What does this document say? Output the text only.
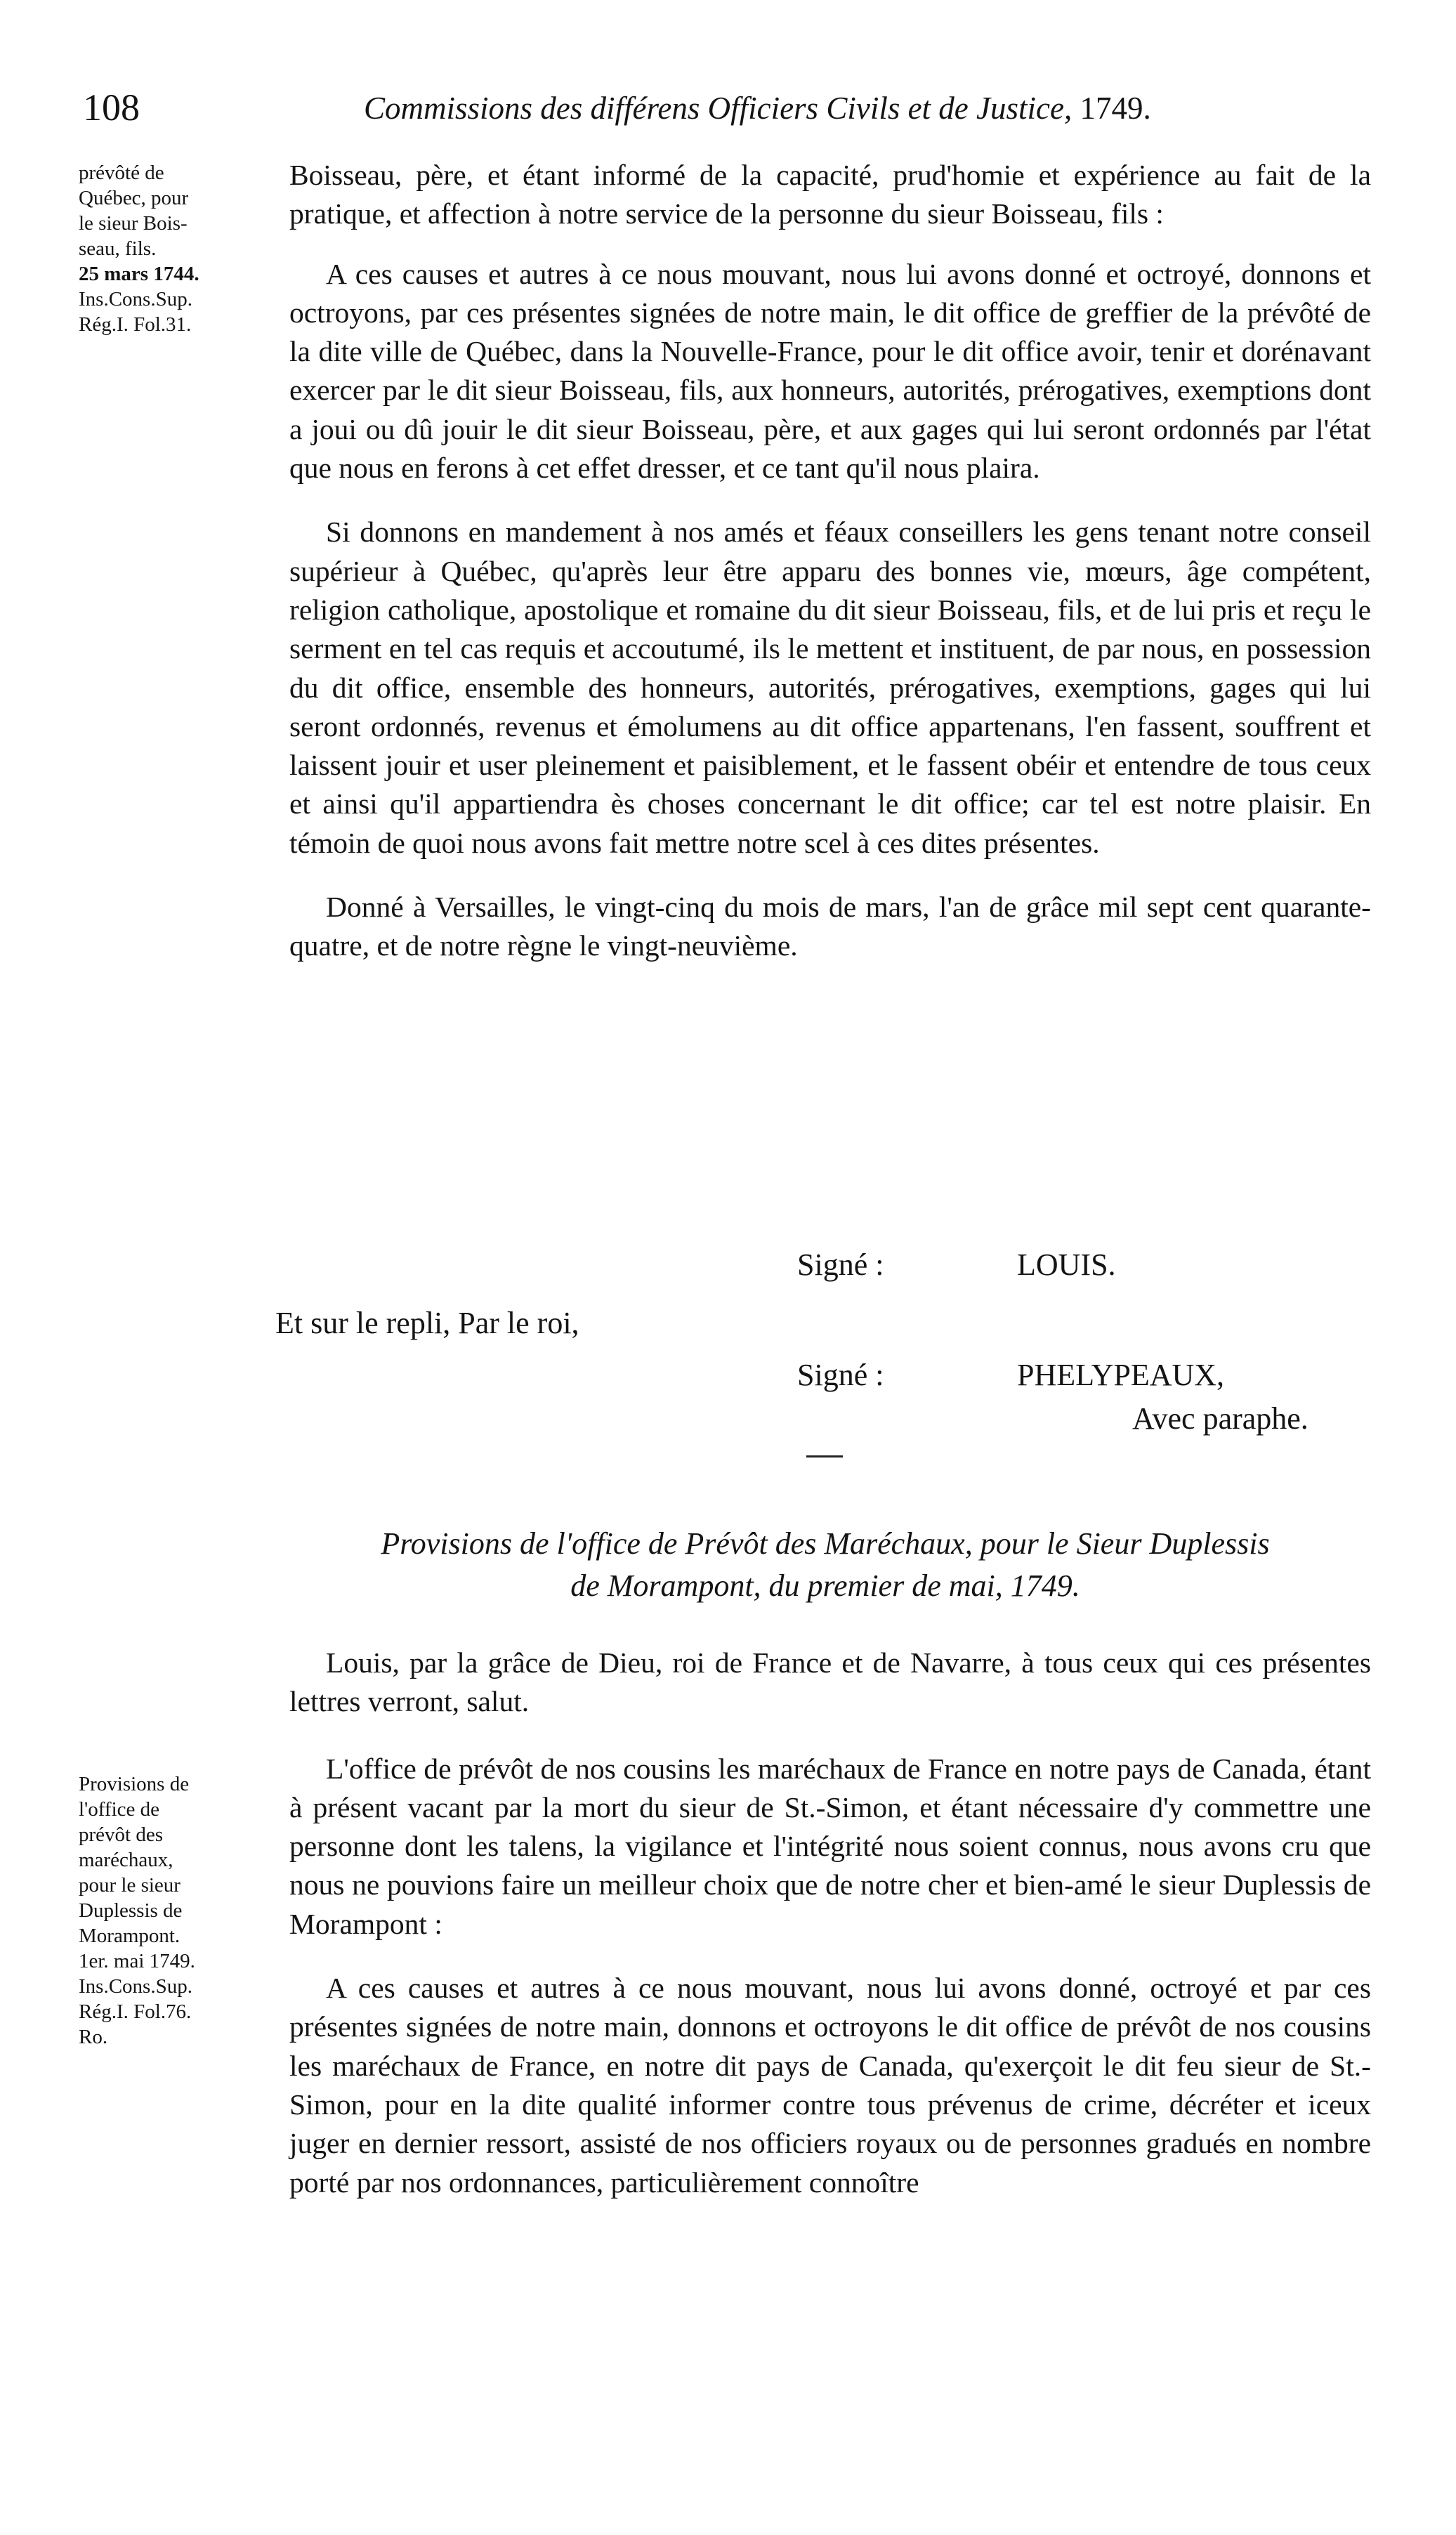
108	Commissions des différens Officiers Civils et de Justice, 1749.
prévôté de
Québec, pour
le sieur Bois-
seau, fils.
25 mars 1744.
Ins.Cons.Sup.
Rég.I. Fol.31.

Boisseau, père, et étant informé de la capacité, prud'homie et expérience au fait de la pratique, et affection à notre service de la personne du sieur Boisseau, fils :

A ces causes et autres à ce nous mouvant, nous lui avons donné et octroyé, donnons et octroyons, par ces présentes signées de notre main, le dit office de greffier de la prévôté de la dite ville de Québec, dans la Nouvelle-France, pour le dit office avoir, tenir et dorénavant exercer par le dit sieur Boisseau, fils, aux honneurs, autorités, prérogatives, exemptions dont a joui ou dû jouir le dit sieur Boisseau, père, et aux gages qui lui seront ordonnés par l'état que nous en ferons à cet effet dresser, et ce tant qu'il nous plaira.

Si donnons en mandement à nos amés et féaux conseillers les gens tenant notre conseil supérieur à Québec, qu'après leur être apparu des bonnes vie, mœurs, âge compétent, religion catholique, apostolique et romaine du dit sieur Boisseau, fils, et de lui pris et reçu le serment en tel cas requis et accoutumé, ils le mettent et instituent, de par nous, en possession du dit office, ensemble des honneurs, autorités, prérogatives, exemptions, gages qui lui seront ordonnés, revenus et émolumens au dit office appartenans, l'en fassent, souffrent et laissent jouir et user pleinement et paisiblement, et le fassent obéir et entendre de tous ceux et ainsi qu'il appartiendra ès choses concernant le dit office; car tel est notre plaisir. En témoin de quoi nous avons fait mettre notre scel à ces dites présentes.

Donné à Versailles, le vingt-cinq du mois de mars, l'an de grâce mil sept cent quarante-quatre, et de notre règne le vingt-neuvième.

Signé :	LOUIS.
Et sur le repli, Par le roi,
Signé :	PHELYPEAUX,
Avec paraphe.
Provisions de l'office de Prévôt des Maréchaux, pour le Sieur Duplessis
de Morampont, du premier de mai, 1749.
Provisions de
l'office de
prévôt des
maréchaux,
pour le sieur
Duplessis de
Morampont.
1er. mai 1749.
Ins.Cons.Sup.
Rég.I. Fol.76.
Ro.

Louis, par la grâce de Dieu, roi de France et de Navarre, à tous ceux qui ces présentes lettres verront, salut.

L'office de prévôt de nos cousins les maréchaux de France en notre pays de Canada, étant à présent vacant par la mort du sieur de St.-Simon, et étant nécessaire d'y commettre une personne dont les talens, la vigilance et l'intégrité nous soient connus, nous avons cru que nous ne pouvions faire un meilleur choix que de notre cher et bien-amé le sieur Duplessis de Morampont :

A ces causes et autres à ce nous mouvant, nous lui avons donné, octroyé et par ces présentes signées de notre main, donnons et octroyons le dit office de prévôt de nos cousins les maréchaux de France, en notre dit pays de Canada, qu'exerçoit le dit feu sieur de St.-Simon, pour en la dite qualité informer contre tous prévenus de crime, décréter et iceux juger en dernier ressort, assisté de nos officiers royaux ou de personnes gradués en nombre porté par nos ordonnances, particulièrement connoître
